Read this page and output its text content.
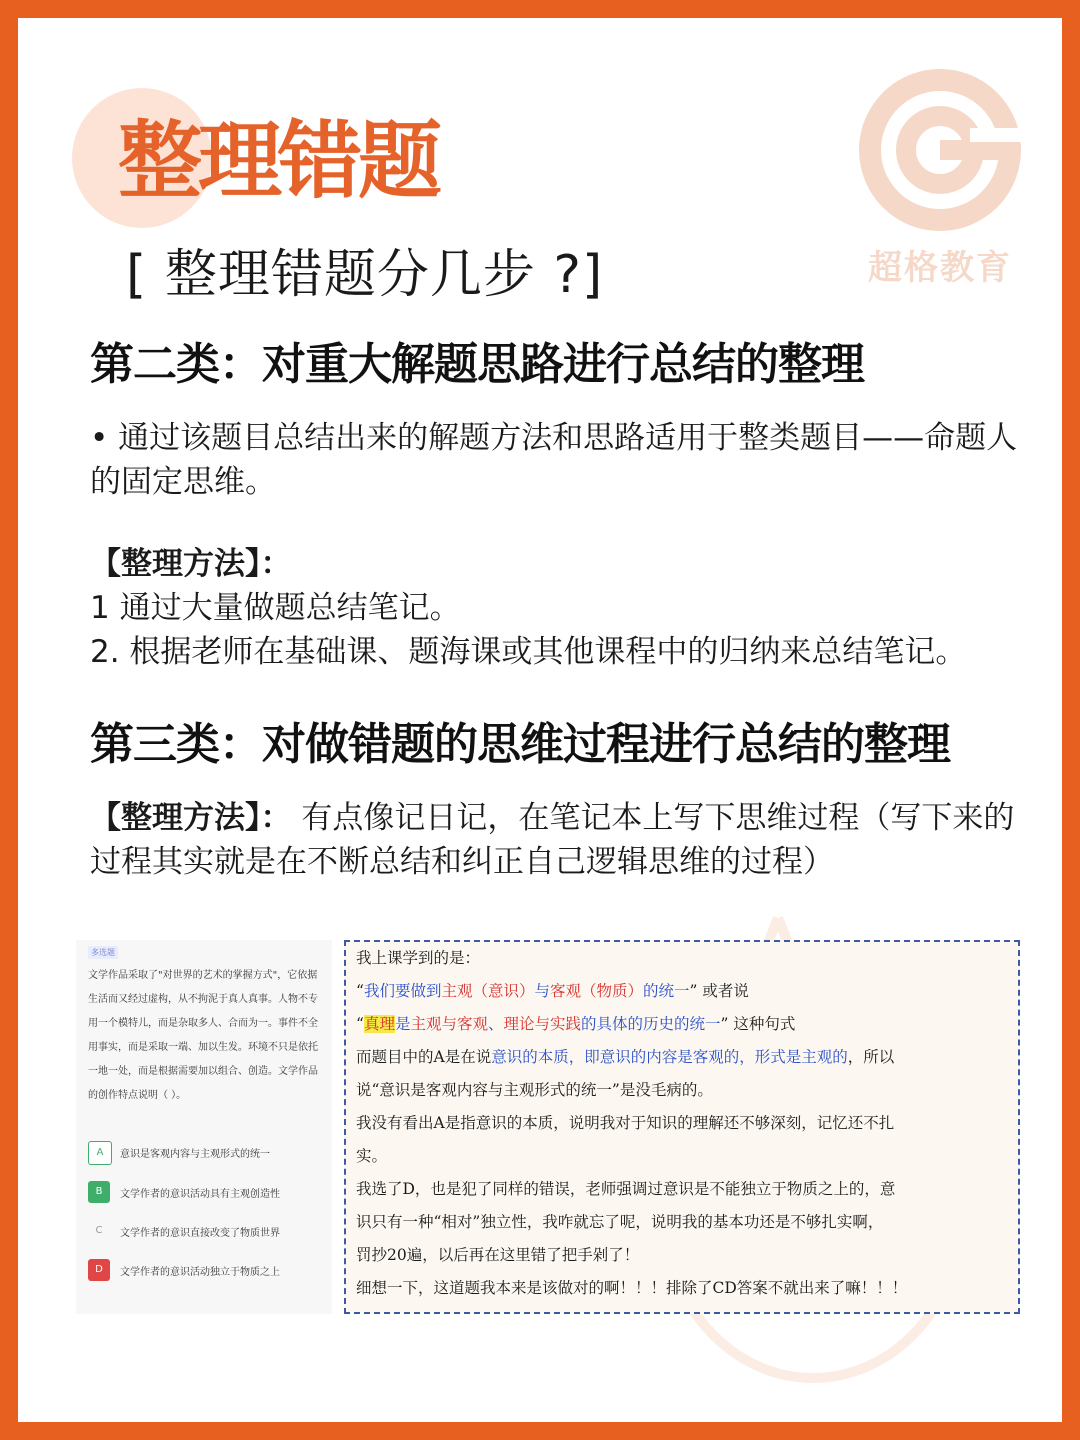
超格教育
整理错题
[ 整理错题分几步 ?]
第二类：对重大解题思路进行总结的整理
• 通过该题目总结出来的解题方法和思路适用于整类题目——命题人的固定思维。
【整理方法】：
1 通过大量做题总结笔记。
2. 根据老师在基础课、题海课或其他课程中的归纳来总结笔记。
第三类：对做错题的思维过程进行总结的整理
【整理方法】： 有点像记日记，在笔记本上写下思维过程（写下来的过程其实就是在不断总结和纠正自己逻辑思维的过程）
多选题
文学作品采取了"对世界的艺术的掌握方式"，它依据生活而又经过虚构，从不拘泥于真人真事。人物不专用一个模特儿，而是杂取多人、合而为一。事件不全用事实，而是采取一端、加以生发。环境不只是依托一地一处，而是根据需要加以组合、创造。文学作品的创作特点说明（ ）。
A	意识是客观内容与主观形式的统一
B	文学作者的意识活动具有主观创造性
C	文学作者的意识直接改变了物质世界
D	文学作者的意识活动独立于物质之上
我上课学到的是：
“我们要做到主观（意识）与客观（物质）的统一” 或者说
“真理是主观与客观、理论与实践的具体的历史的统一” 这种句式
而题目中的A是在说意识的本质，即意识的内容是客观的，形式是主观的，所以
说“意识是客观内容与主观形式的统一”是没毛病的。
我没有看出A是指意识的本质，说明我对于知识的理解还不够深刻，记忆还不扎
实。
我选了D，也是犯了同样的错误，老师强调过意识是不能独立于物质之上的，意
识只有一种“相对”独立性，我咋就忘了呢，说明我的基本功还是不够扎实啊，
罚抄20遍，以后再在这里错了把手剁了！
细想一下，这道题我本来是该做对的啊！！！排除了CD答案不就出来了嘛！！！
